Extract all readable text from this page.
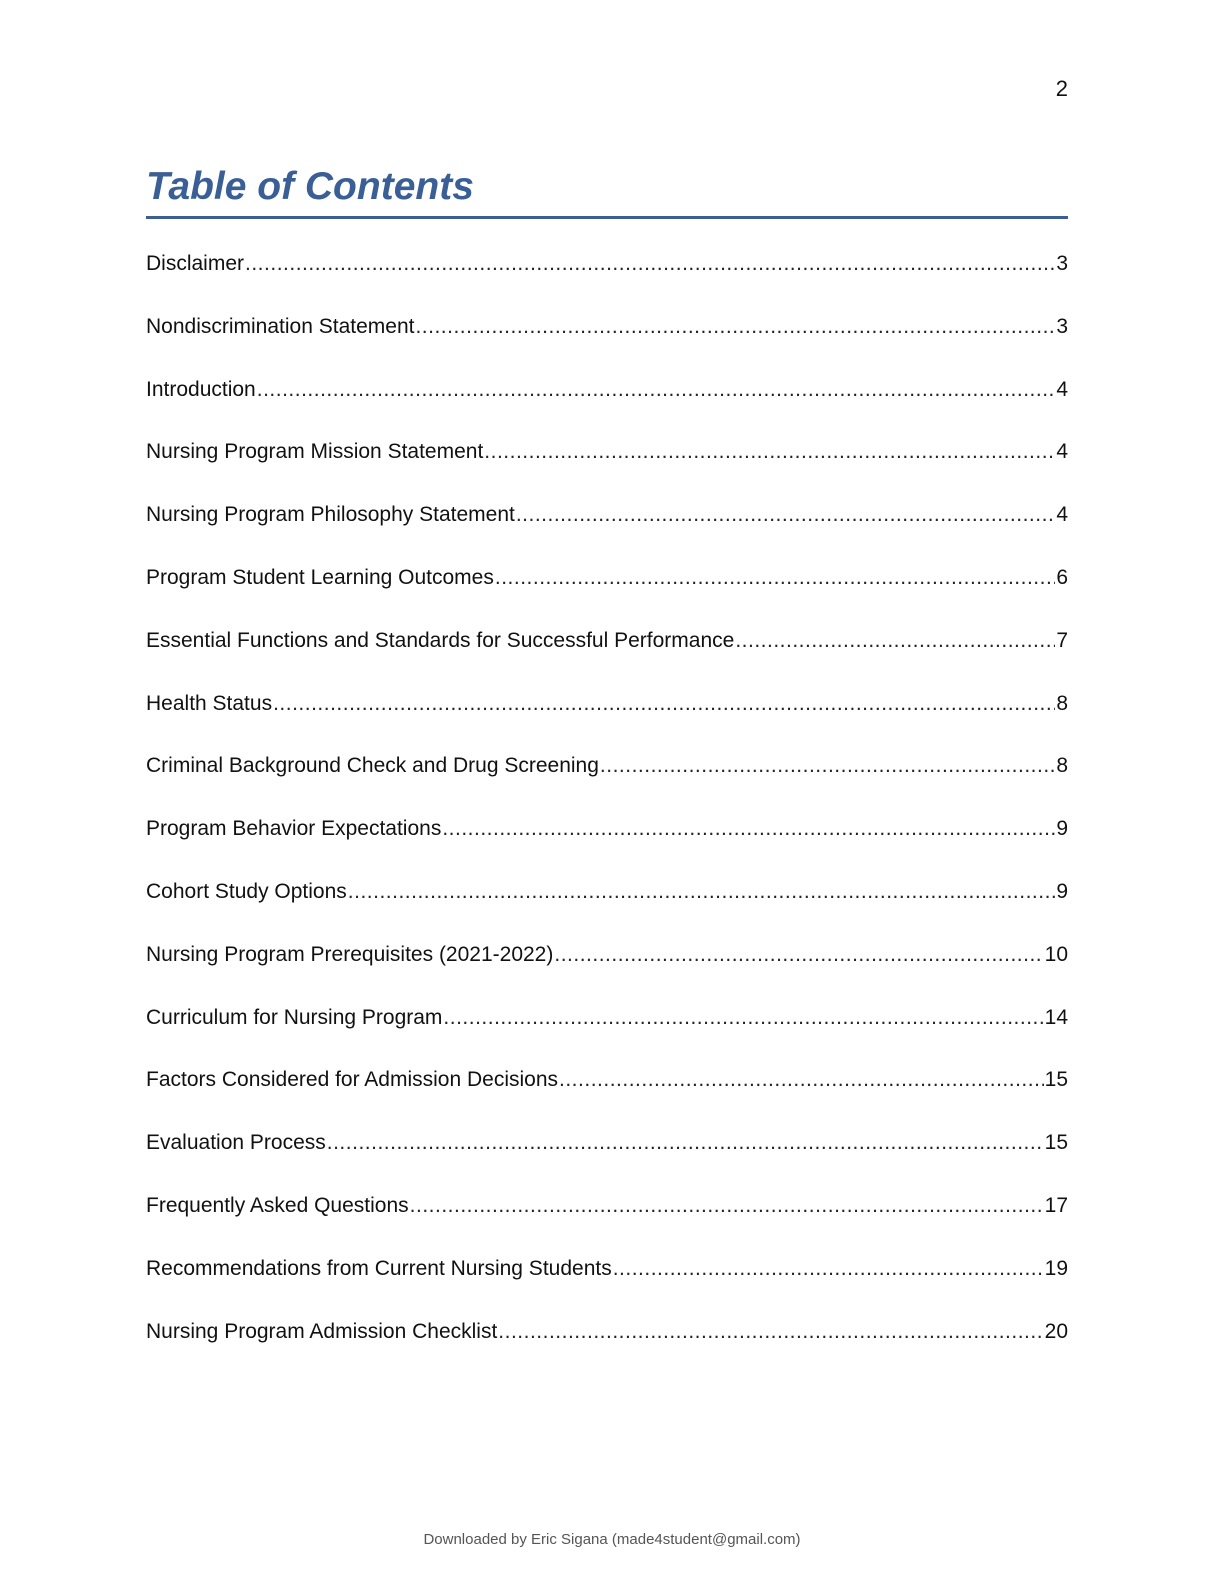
2
Table of Contents
Disclaimer .....	3
Nondiscrimination Statement .....	3
Introduction .....	4
Nursing Program Mission Statement .....	4
Nursing Program Philosophy Statement .....	4
Program Student Learning Outcomes .....	6
Essential Functions and Standards for Successful Performance .....	7
Health Status .....	8
Criminal Background Check and Drug Screening .....	8
Program Behavior Expectations .....	9
Cohort Study Options .....	9
Nursing Program Prerequisites (2021-2022) .....	10
Curriculum for Nursing Program .....	14
Factors Considered for Admission Decisions .....	15
Evaluation Process .....	15
Frequently Asked Questions .....	17
Recommendations from Current Nursing Students .....	19
Nursing Program Admission Checklist .....	20
Downloaded by Eric Sigana (made4student@gmail.com)
